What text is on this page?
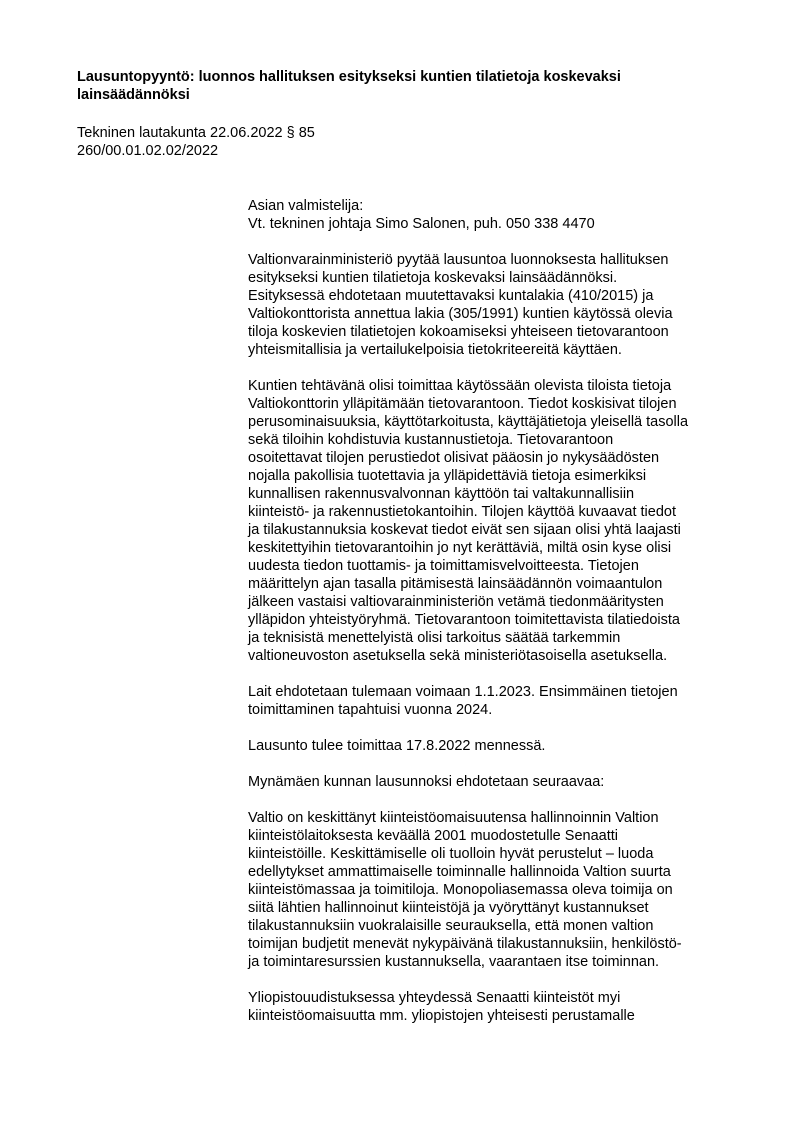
Lausuntopyyntö: luonnos hallituksen esitykseksi kuntien tilatietoja koskevaksi lainsäädännöksi
Tekninen lautakunta 22.06.2022 § 85
260/00.01.02.02/2022

Asian valmistelija:
Vt. tekninen johtaja Simo Salonen, puh. 050 338 4470

Valtionvarainministeriö pyytää lausuntoa luonnoksesta hallituksen
esitykseksi kuntien tilatietoja koskevaksi lainsäädännöksi.
Esityksessä ehdotetaan muutettavaksi kuntalakia (410/2015) ja
Valtiokonttorista annettua lakia (305/1991) kuntien käytössä olevia
tiloja koskevien tilatietojen kokoamiseksi yhteiseen tietovarantoon
yhteismitallisia ja vertailukelpoisia tietokriteereitä käyttäen.

Kuntien tehtävänä olisi toimittaa käytössään olevista tiloista tietoja
Valtiokonttorin ylläpitämään tietovarantoon. Tiedot koskisivat tilojen
perusominaisuuksia, käyttötarkoitusta, käyttäjätietoja yleisellä tasolla
sekä tiloihin kohdistuvia kustannustietoja. Tietovarantoon
osoitettavat tilojen perustiedot olisivat pääosin jo nykysäädösten
nojalla pakollisia tuotettavia ja ylläpidettäviä tietoja esimerkiksi
kunnallisen rakennusvalvonnan käyttöön tai valtakunnallisiin
kiinteistö- ja rakennustietokantoihin. Tilojen käyttöä kuvaavat tiedot
ja tilakustannuksia koskevat tiedot eivät sen sijaan olisi yhtä laajasti
keskitettyihin tietovarantoihin jo nyt kerättäviä, miltä osin kyse olisi
uudesta tiedon tuottamis- ja toimittamisvelvoitteesta. Tietojen
määrittelyn ajan tasalla pitämisestä lainsäädännön voimaantulon
jälkeen vastaisi valtiovarainministeriön vetämä tiedonmääritysten
ylläpidon yhteistyöryhmä. Tietovarantoon toimitettavista tilatiedoista
ja teknisistä menettelyistä olisi tarkoitus säätää tarkemmin
valtioneuvoston asetuksella sekä ministeriötasoisella asetuksella.

Lait ehdotetaan tulemaan voimaan 1.1.2023. Ensimmäinen tietojen
toimittaminen tapahtuisi vuonna 2024.

Lausunto tulee toimittaa 17.8.2022 mennessä.

Mynämäen kunnan lausunnoksi ehdotetaan seuraavaa:

Valtio on keskittänyt kiinteistöomaisuutensa hallinnoinnin Valtion
kiinteistölaitoksesta keväällä 2001 muodostetulle Senaatti
kiinteistöille. Keskittämiselle oli tuolloin hyvät perustelut – luoda
edellytykset ammattimaiselle toiminnalle hallinnoida Valtion suurta
kiinteistömassaa ja toimitiloja. Monopoliasemassa oleva toimija on
siitä lähtien hallinnoinut kiinteistöjä ja vyöryttänyt kustannukset
tilakustannuksiin vuokralaisille seurauksella, että monen valtion
toimijan budjetit menevät nykypäivänä tilakustannuksiin, henkilöstö-
ja toimintaresurssien kustannuksella, vaarantaen itse toiminnan.

Yliopistouudistuksessa yhteydessä Senaatti kiinteistöt myi
kiinteistöomaisuutta mm. yliopistojen yhteisesti perustamalle
